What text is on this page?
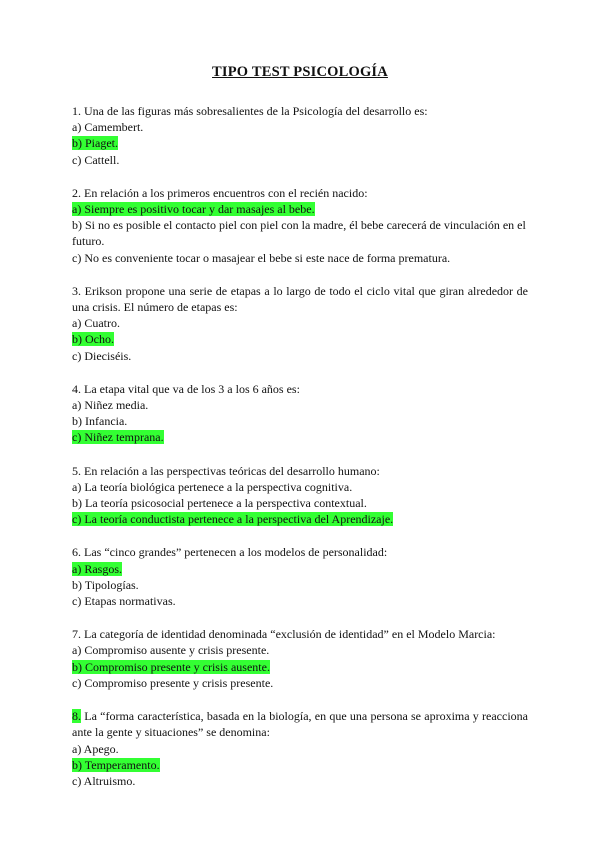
TIPO TEST PSICOLOGÍA

1. Una de las figuras más sobresalientes de la Psicología del desarrollo es:

a) Camembert.

b) Piaget.

c) Cattell.

2. En relación a los primeros encuentros con el recién nacido:

a) Siempre es positivo tocar y dar masajes al bebe.

b) Si no es posible el contacto piel con piel con la madre, él bebe carecerá de vinculación en el futuro.

c) No es conveniente tocar o masajear el bebe si este nace de forma prematura.

3. Erikson propone una serie de etapas a lo largo de todo el ciclo vital que giran alrededor de una crisis. El número de etapas es:

a) Cuatro.

b) Ocho.

c) Dieciséis.

4. La etapa vital que va de los 3 a los 6 años es:

a) Niñez media.

b) Infancia.

c) Niñez temprana.

5. En relación a las perspectivas teóricas del desarrollo humano:

a) La teoría biológica pertenece a la perspectiva cognitiva.

b) La teoría psicosocial pertenece a la perspectiva contextual.

c) La teoría conductista pertenece a la perspectiva del Aprendizaje.

6. Las “cinco grandes” pertenecen a los modelos de personalidad:

a) Rasgos.

b) Tipologías.

c) Etapas normativas.

7. La categoría de identidad denominada “exclusión de identidad” en el Modelo Marcia:

a) Compromiso ausente y crisis presente.

b) Compromiso presente y crisis ausente.

c) Compromiso presente y crisis presente.

8. La “forma característica, basada en la biología, en que una persona se aproxima y reacciona ante la gente y situaciones” se denomina:

a) Apego.

b) Temperamento.

c) Altruismo.
